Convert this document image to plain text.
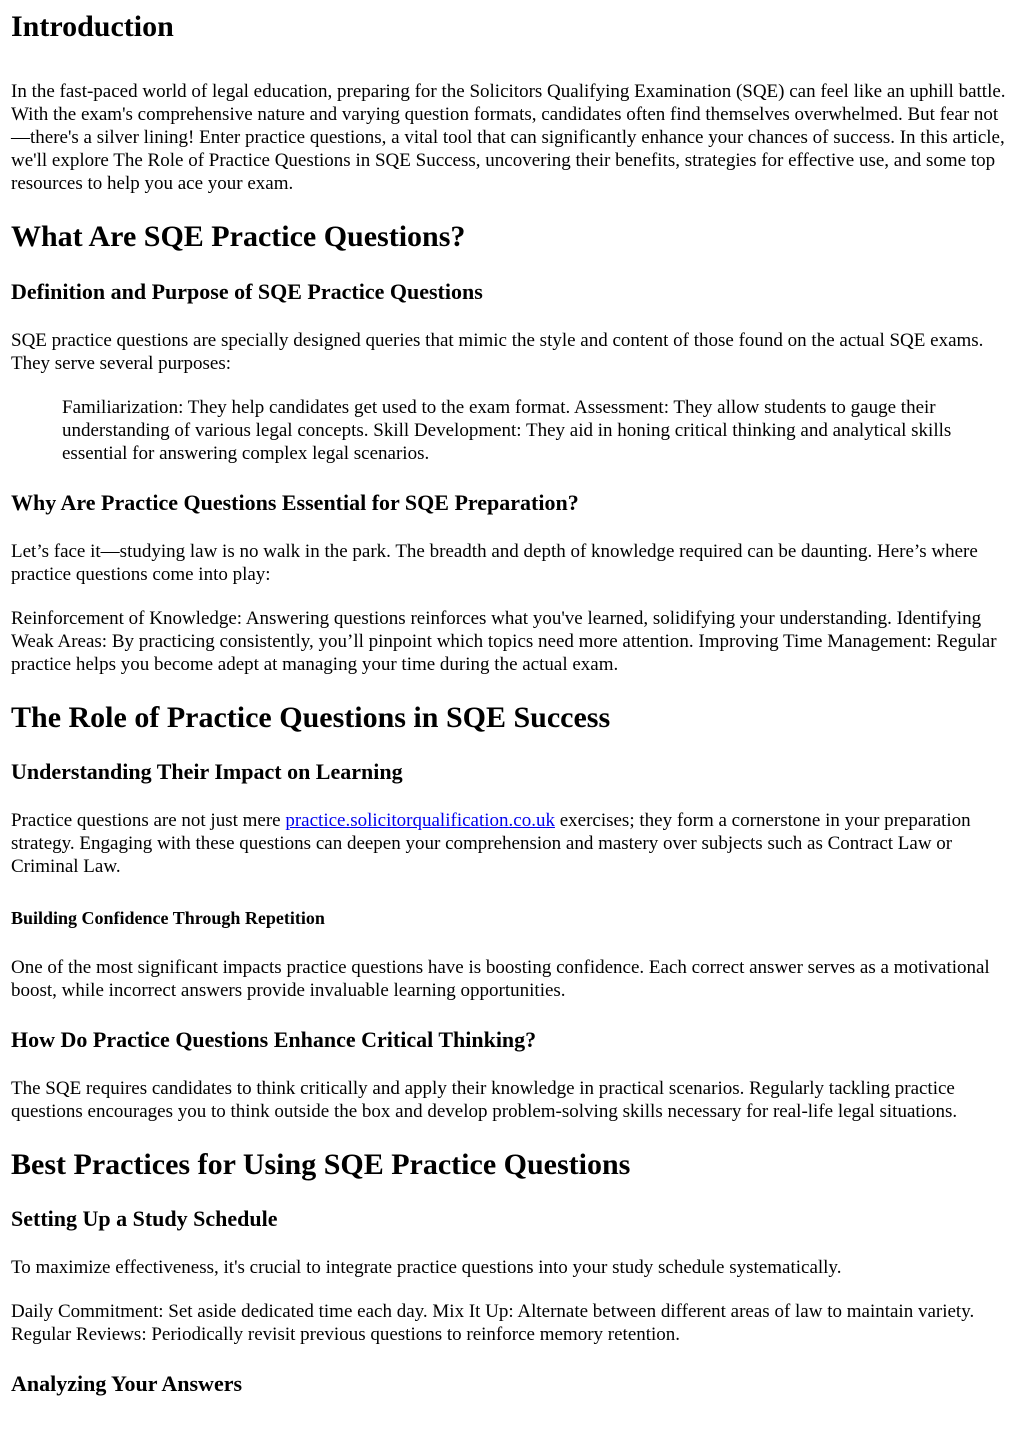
Introduction

In the fast-paced world of legal education, preparing for the Solicitors Qualifying Examination (SQE) can feel like an uphill battle. With the exam's comprehensive nature and varying question formats, candidates often find themselves overwhelmed. But fear not—there's a silver lining! Enter practice questions, a vital tool that can significantly enhance your chances of success. In this article, we'll explore The Role of Practice Questions in SQE Success, uncovering their benefits, strategies for effective use, and some top resources to help you ace your exam.

What Are SQE Practice Questions?
Definition and Purpose of SQE Practice Questions

SQE practice questions are specially designed queries that mimic the style and content of those found on the actual SQE exams. They serve several purposes:

Familiarization: They help candidates get used to the exam format. Assessment: They allow students to gauge their understanding of various legal concepts. Skill Development: They aid in honing critical thinking and analytical skills essential for answering complex legal scenarios.
Why Are Practice Questions Essential for SQE Preparation?

Let’s face it—studying law is no walk in the park. The breadth and depth of knowledge required can be daunting. Here’s where practice questions come into play:

Reinforcement of Knowledge: Answering questions reinforces what you've learned, solidifying your understanding. Identifying Weak Areas: By practicing consistently, you’ll pinpoint which topics need more attention. Improving Time Management: Regular practice helps you become adept at managing your time during the actual exam.

The Role of Practice Questions in SQE Success
Understanding Their Impact on Learning

Practice questions are not just mere practice.solicitorqualification.co.uk exercises; they form a cornerstone in your preparation strategy. Engaging with these questions can deepen your comprehension and mastery over subjects such as Contract Law or Criminal Law.

Building Confidence Through Repetition

One of the most significant impacts practice questions have is boosting confidence. Each correct answer serves as a motivational boost, while incorrect answers provide invaluable learning opportunities.

How Do Practice Questions Enhance Critical Thinking?

The SQE requires candidates to think critically and apply their knowledge in practical scenarios. Regularly tackling practice questions encourages you to think outside the box and develop problem-solving skills necessary for real-life legal situations.

Best Practices for Using SQE Practice Questions
Setting Up a Study Schedule

To maximize effectiveness, it's crucial to integrate practice questions into your study schedule systematically.

Daily Commitment: Set aside dedicated time each day. Mix It Up: Alternate between different areas of law to maintain variety. Regular Reviews: Periodically revisit previous questions to reinforce memory retention.

Analyzing Your Answers
